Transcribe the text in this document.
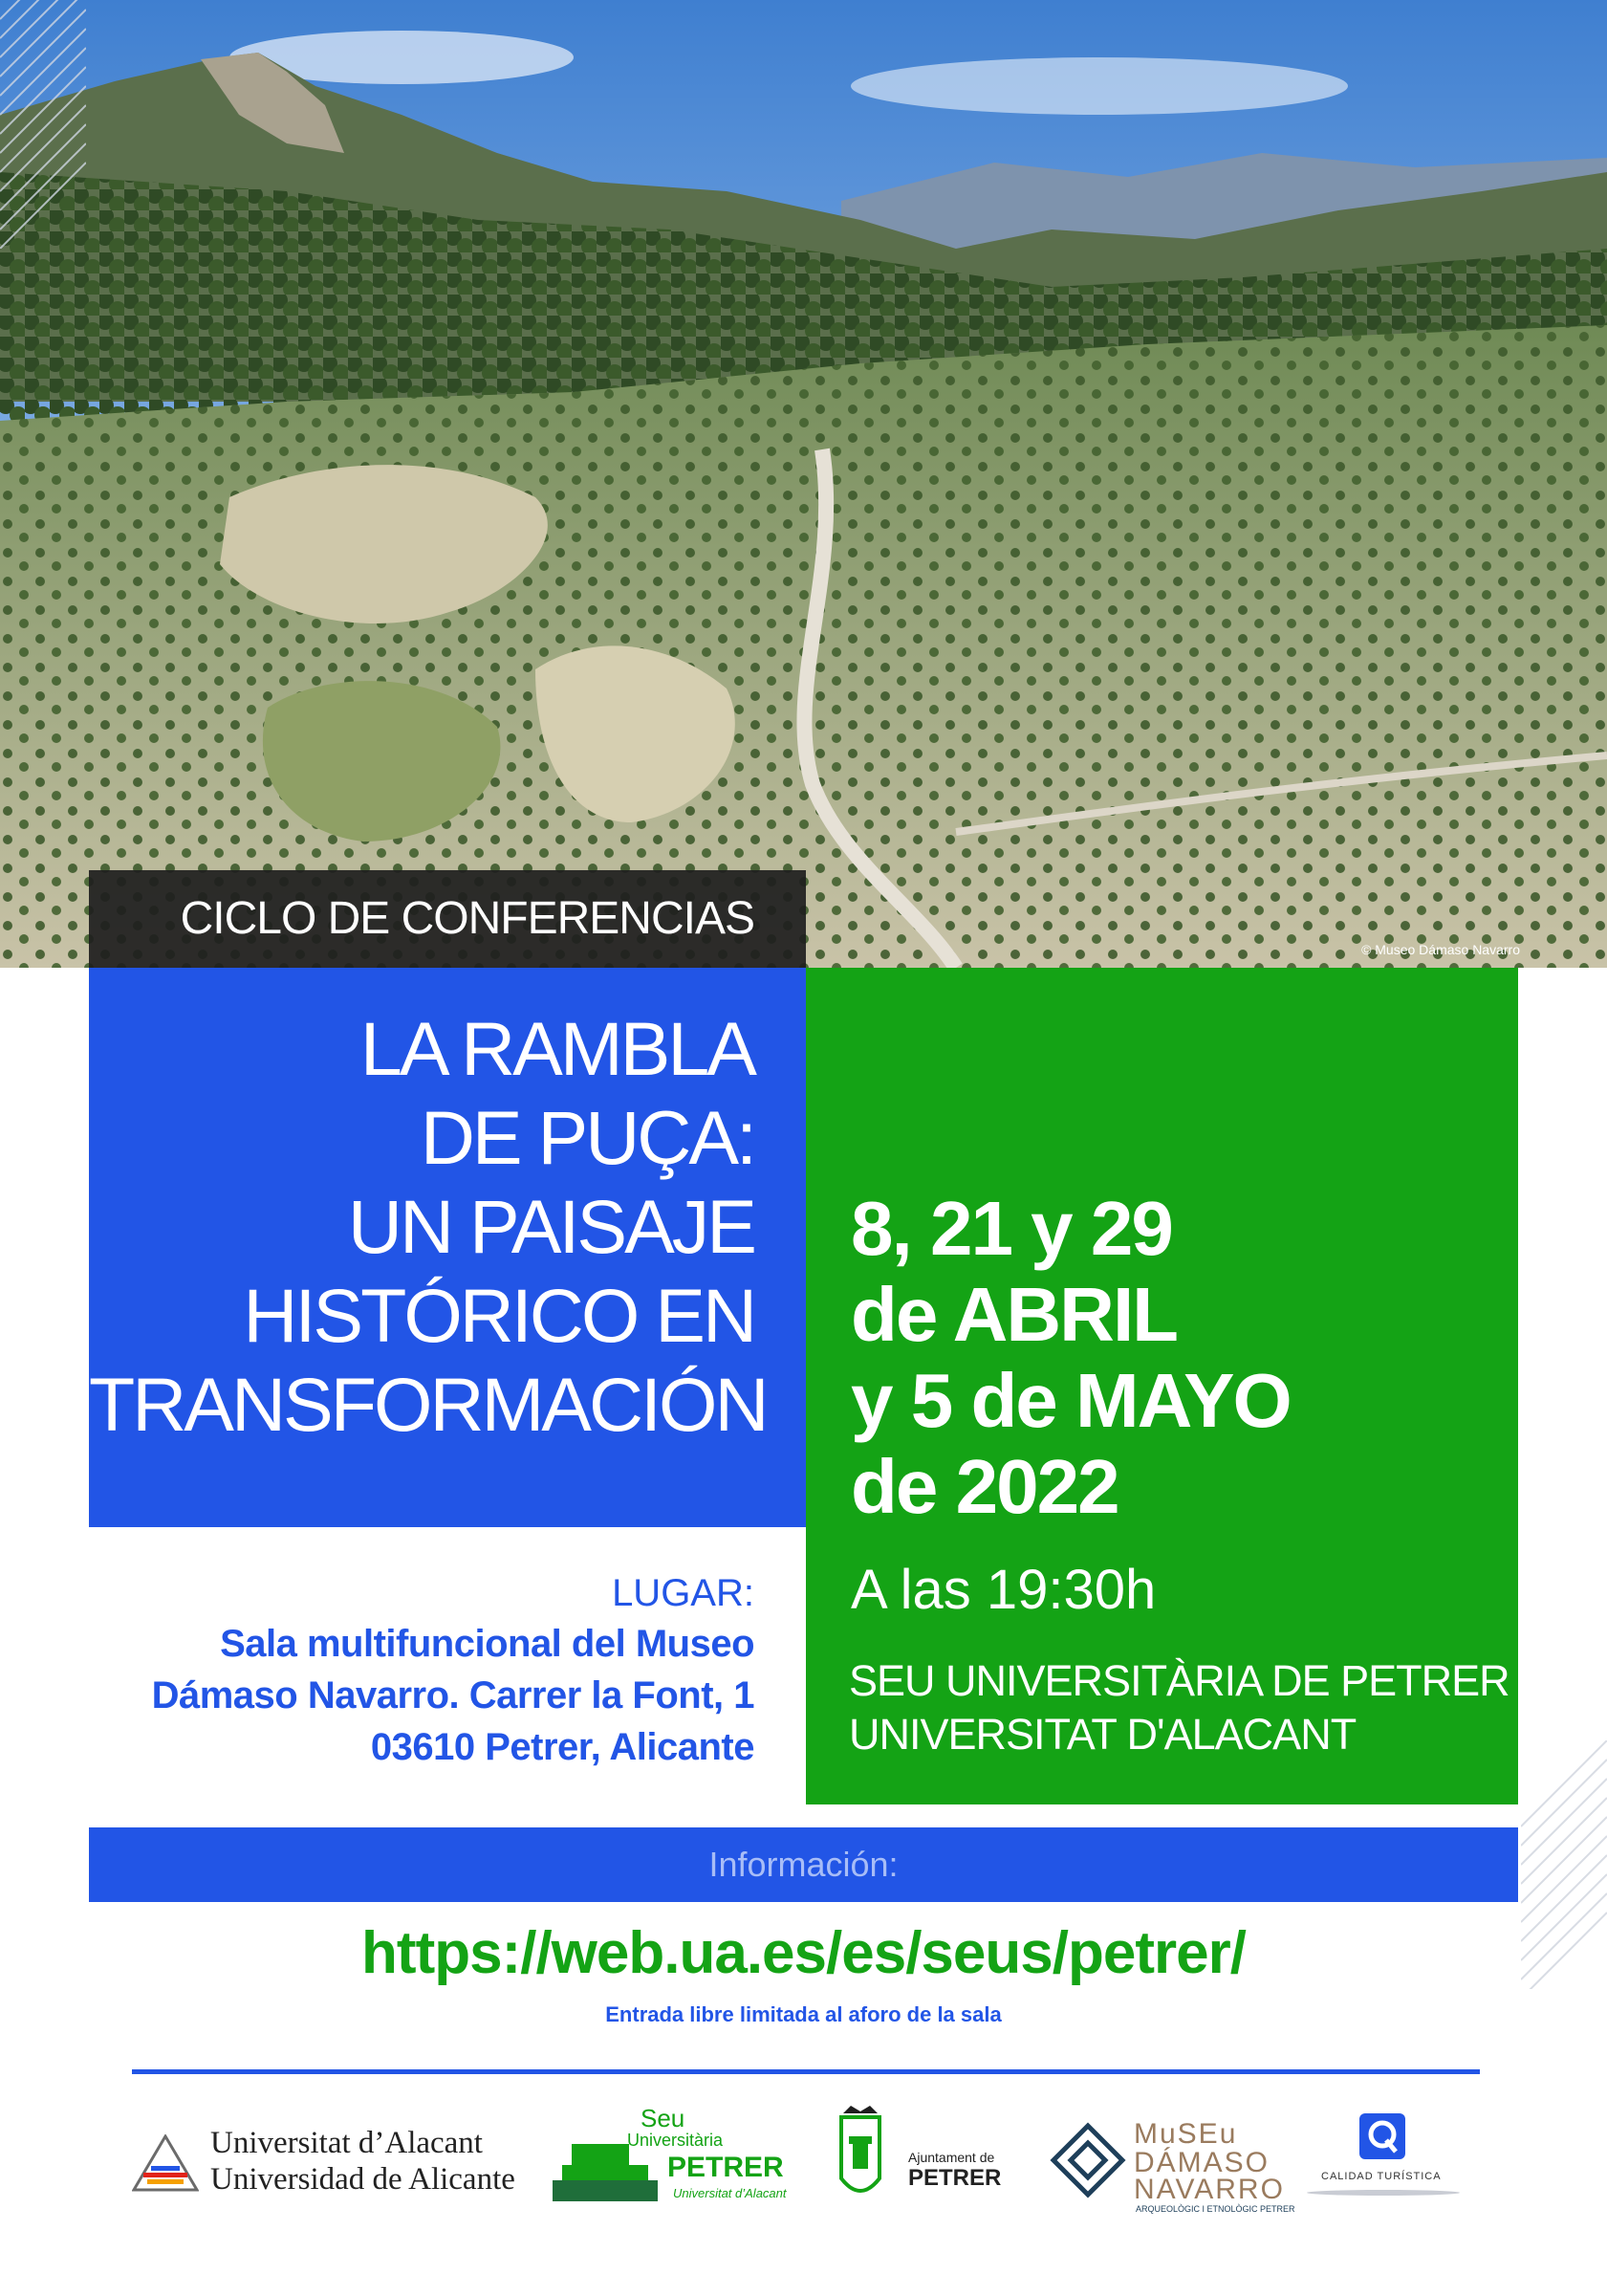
CICLO DE CONFERENCIAS
© Museo Dámaso Navarro
LA RAMBLA
DE PUÇA:
UN PAISAJE
HISTÓRICO EN
TRANSFORMACIÓN
8, 21 y 29
de ABRIL
y 5 de MAYO
de 2022
A las 19:30h
SEU UNIVERSITÀRIA DE PETRER
UNIVERSITAT D'ALACANT
LUGAR:
Sala multifuncional del Museo
Dámaso Navarro. Carrer la Font, 1
03610 Petrer, Alicante
Información:
https://web.ua.es/es/seus/petrer/
Entrada libre limitada al aforo de la sala
Universitat d’Alacant
Universidad de Alicante
Seu
Universitària
PETRER
Universitat d’Alacant
Ajuntament de
PETRER
MuSEu
DÁMASO
NAVARRO
ARQUEOLÒGIC I ETNOLÒGIC PETRER
CALIDAD TURÍSTICA
